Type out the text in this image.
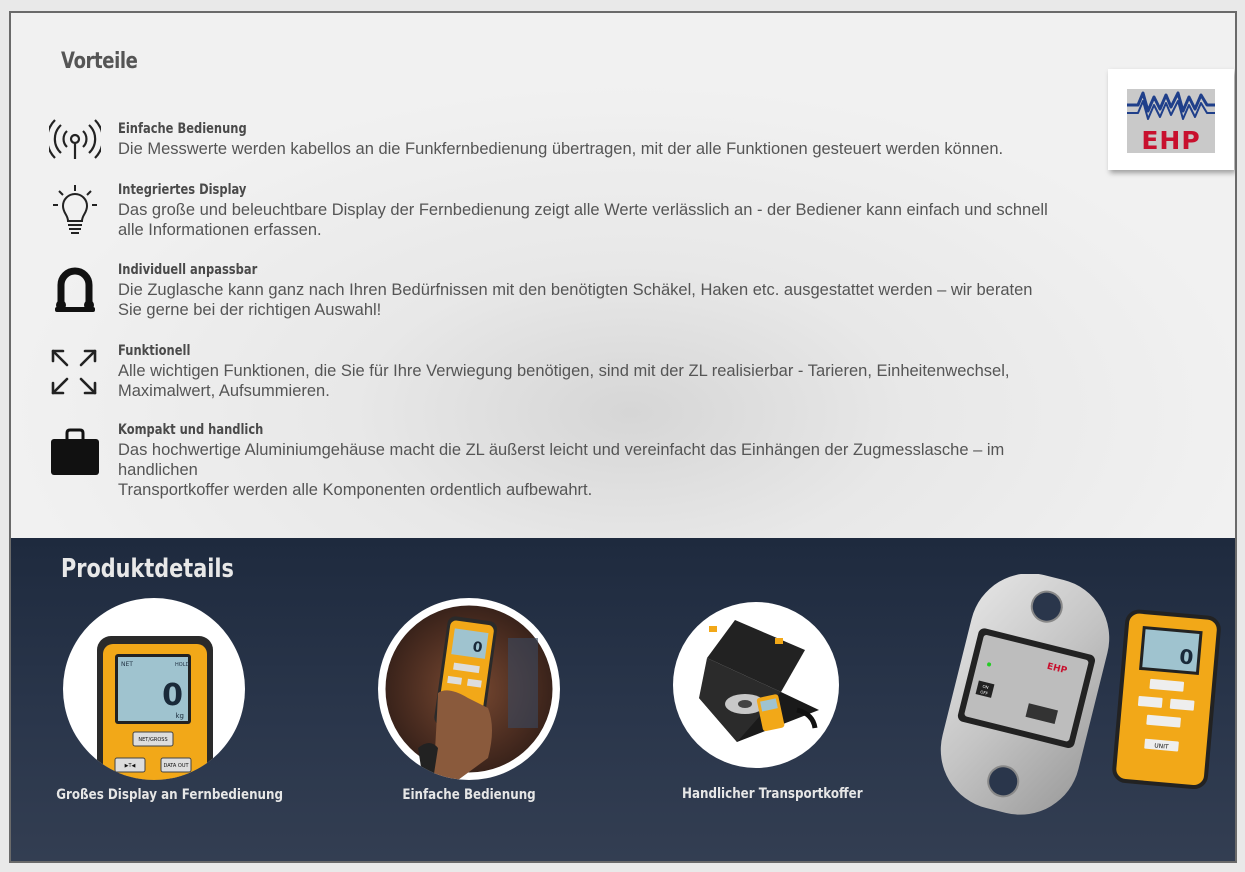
Vorteile
EHP
Einfache Bedienung
Die Messwerte werden kabellos an die Funkfernbedienung übertragen, mit der alle Funktionen gesteuert werden können.
Integriertes Display
Das große und beleuchtbare Display der Fernbedienung zeigt alle Werte verlässlich an - der Bediener kann einfach und schnell
alle Informationen erfassen.
Individuell anpassbar
Die Zuglasche kann ganz nach Ihren Bedürfnissen mit den benötigten Schäkel, Haken etc. ausgestattet werden – wir beraten
Sie gerne bei der richtigen Auswahl!
Funktionell
Alle wichtigen Funktionen, die Sie für Ihre Verwiegung benötigen, sind mit der ZL realisierbar - Tarieren, Einheitenwechsel,
Maximalwert, Aufsummieren.
Kompakt und handlich
Das hochwertige Aluminiumgehäuse macht die ZL äußerst leicht und vereinfacht das Einhängen der Zugmesslasche – im
handlichen
Transportkoffer werden alle Komponenten ordentlich aufbewahrt.
Produktdetails
NET	HOLD
0
kg
NET/GROSS
▶T◀	DATA OUT
Großes Display an Fernbedienung
0
Einfache Bedienung	Handlicher Transportkoffer
EHP
ON
OFF
0
UNIT
